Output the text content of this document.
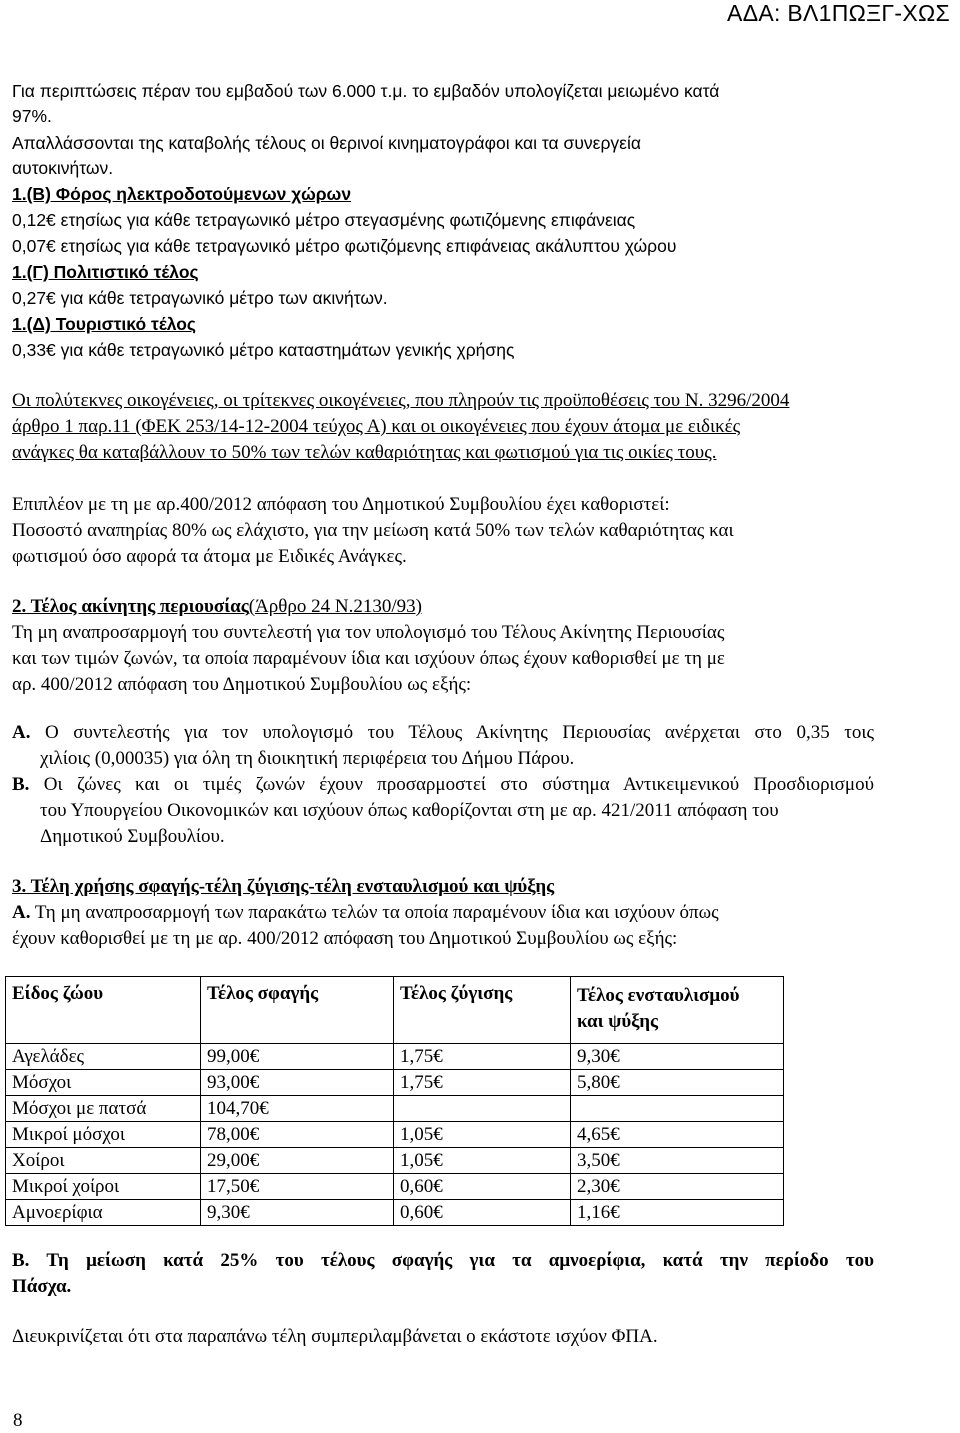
ΑΔΑ: ΒΛ1ΠΩΞΓ-ΧΩΣ
Για περιπτώσεις πέραν του εμβαδού των 6.000 τ.μ. το εμβαδόν υπολογίζεται μειωμένο κατά
97%.
Απαλλάσσονται της καταβολής τέλους οι θερινοί κινηματογράφοι και τα συνεργεία
αυτοκινήτων.
1.(Β) Φόρος ηλεκτροδοτούμενων χώρων
0,12€ ετησίως για κάθε τετραγωνικό μέτρο στεγασμένης φωτιζόμενης επιφάνειας
0,07€ ετησίως για κάθε τετραγωνικό μέτρο φωτιζόμενης επιφάνειας ακάλυπτου χώρου
1.(Γ) Πολιτιστικό τέλος
0,27€ για κάθε τετραγωνικό μέτρο των ακινήτων.
1.(Δ) Τουριστικό τέλος
0,33€ για κάθε τετραγωνικό μέτρο καταστημάτων γενικής χρήσης
Οι πολύτεκνες οικογένειες, οι τρίτεκνες οικογένειες, που πληρούν τις προϋποθέσεις του Ν. 3296/2004
άρθρο 1 παρ.11 (ΦΕΚ 253/14-12-2004 τεύχος Α) και οι οικογένειες που έχουν άτομα με ειδικές
ανάγκες θα καταβάλλουν το 50% των τελών καθαριότητας και φωτισμού για τις οικίες τους.
Επιπλέον με τη με αρ.400/2012 απόφαση του Δημοτικού Συμβουλίου έχει καθοριστεί:
Ποσοστό αναπηρίας 80% ως ελάχιστο, για την μείωση κατά 50% των τελών καθαριότητας και
φωτισμού όσο αφορά τα άτομα με Ειδικές Ανάγκες.
2. Τέλος ακίνητης περιουσίας(Άρθρο 24 Ν.2130/93)
Τη μη αναπροσαρμογή του συντελεστή για τον υπολογισμό του Τέλους Ακίνητης Περιουσίας
και των τιμών ζωνών, τα οποία παραμένουν ίδια και ισχύουν όπως έχουν καθορισθεί με τη με
αρ. 400/2012 απόφαση του Δημοτικού Συμβουλίου ως εξής:
Α. Ο συντελεστής για τον υπολογισμό του Τέλους Ακίνητης Περιουσίας ανέρχεται στο 0,35 τοις
χιλίοις (0,00035) για όλη τη διοικητική περιφέρεια του Δήμου Πάρου.
Β. Οι ζώνες και οι τιμές ζωνών έχουν προσαρμοστεί στο σύστημα Αντικειμενικού Προσδιορισμού
του Υπουργείου Οικονομικών και ισχύουν όπως καθορίζονται στη με αρ. 421/2011 απόφαση του
Δημοτικού Συμβουλίου.
3. Τέλη χρήσης σφαγής-τέλη ζύγισης-τέλη ενσταυλισμού και ψύξης
Α. Τη μη αναπροσαρμογή των παρακάτω τελών τα οποία παραμένουν ίδια και ισχύουν όπως
έχουν καθορισθεί με τη με αρ. 400/2012 απόφαση του Δημοτικού Συμβουλίου ως εξής:
Είδος ζώου	Τέλος σφαγής	Τέλος ζύγισης	Τέλος ενσταυλισμού
και ψύξης

Αγελάδες	99,00€	1,75€	9,30€
Μόσχοι	93,00€	1,75€	5,80€
Μόσχοι με πατσά	104,70€		
Μικροί μόσχοι	78,00€	1,05€	4,65€
Χοίροι	29,00€	1,05€	3,50€
Μικροί χοίροι	17,50€	0,60€	2,30€
Αμνοερίφια	9,30€	0,60€	1,16€
Β. Τη μείωση κατά 25% του τέλους σφαγής για τα αμνοερίφια, κατά την περίοδο του
Πάσχα.
Διευκρινίζεται ότι στα παραπάνω τέλη συμπεριλαμβάνεται ο εκάστοτε ισχύον ΦΠΑ.
8
